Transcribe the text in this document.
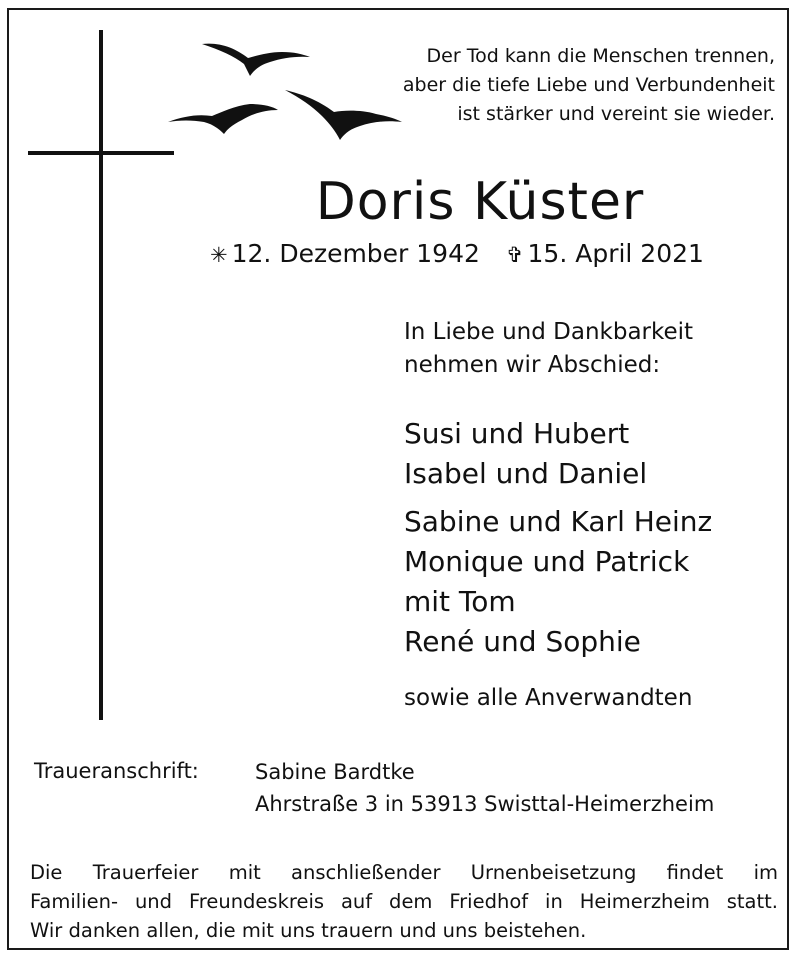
Der Tod kann die Menschen trennen,
aber die tiefe Liebe und Verbundenheit
ist stärker und vereint sie wieder.
Doris Küster
✳ 12. Dezember 1942 ✞ 15. April 2021
In Liebe und Dankbarkeit
nehmen wir Abschied:
Susi und Hubert
Isabel und Daniel
Sabine und Karl Heinz
Monique und Patrick
mit Tom
René und Sophie
sowie alle Anverwandten
Traueranschrift:	Sabine Bardtke
Ahrstraße 3 in 53913 Swisttal-Heimerzheim
Die Trauerfeier mit anschließender Urnenbeisetzung findet im
Familien- und Freundeskreis auf dem Friedhof in Heimerzheim statt.
Wir danken allen, die mit uns trauern und uns beistehen.
